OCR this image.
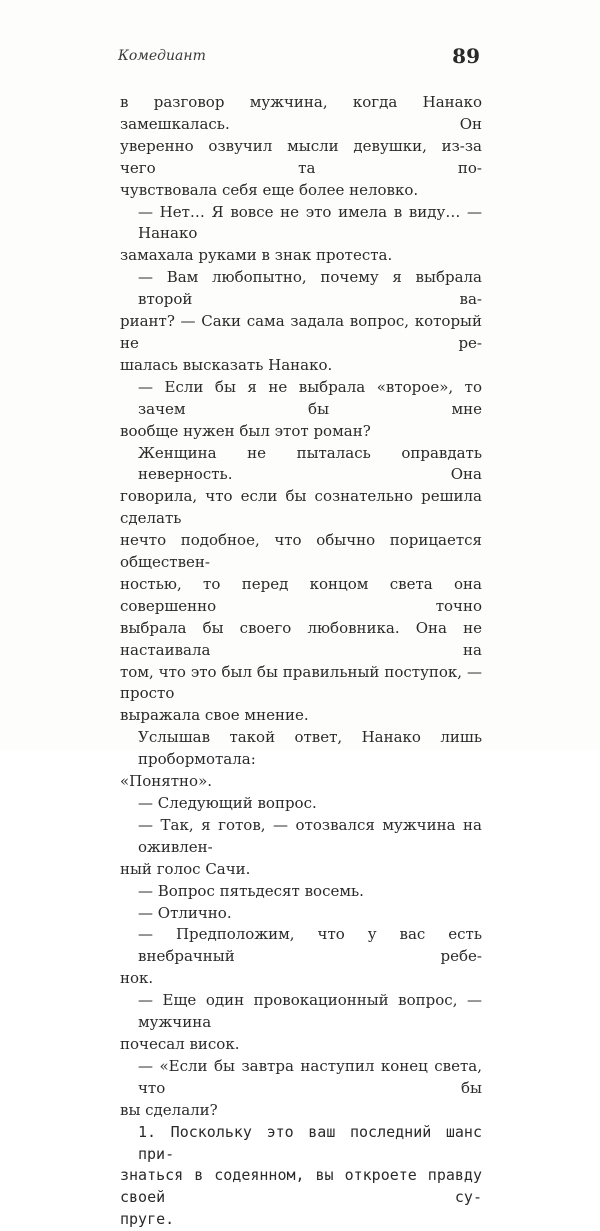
Комедиант	89

в разговор мужчина, когда Нанако замешкалась. Он

уверенно озвучил мысли девушки, из-за чего та по-

чувствовала себя еще более неловко.

— Нет… Я вовсе не это имела в виду… — Нанако

замахала руками в знак протеста.

— Вам любопытно, почему я выбрала второй ва-

риант? — Саки сама задала вопрос, который не ре-

шалась высказать Нанако.

— Если бы я не выбрала «второе», то зачем бы мне

вообще нужен был этот роман?

Женщина не пыталась оправдать неверность. Она

говорила, что если бы сознательно решила сделать

нечто подобное, что обычно порицается обществен-

ностью, то перед концом света она совершенно точно

выбрала бы своего любовника. Она не настаивала на

том, что это был бы правильный поступок, — просто

выражала свое мнение.

Услышав такой ответ, Нанако лишь пробормотала:

«Понятно».

— Следующий вопрос.

— Так, я готов, — отозвался мужчина на оживлен-

ный голос Сачи.

— Вопрос пятьдесят восемь.

— Отлично.

— Предположим, что у вас есть внебрачный ребе-

нок.

— Еще один провокационный вопрос, — мужчина

почесал висок.

— «Если бы завтра наступил конец света, что бы

вы сделали?

1. Поскольку это ваш последний шанс при-

знаться в содеянном, вы откроете правду своей су-

пруге.
